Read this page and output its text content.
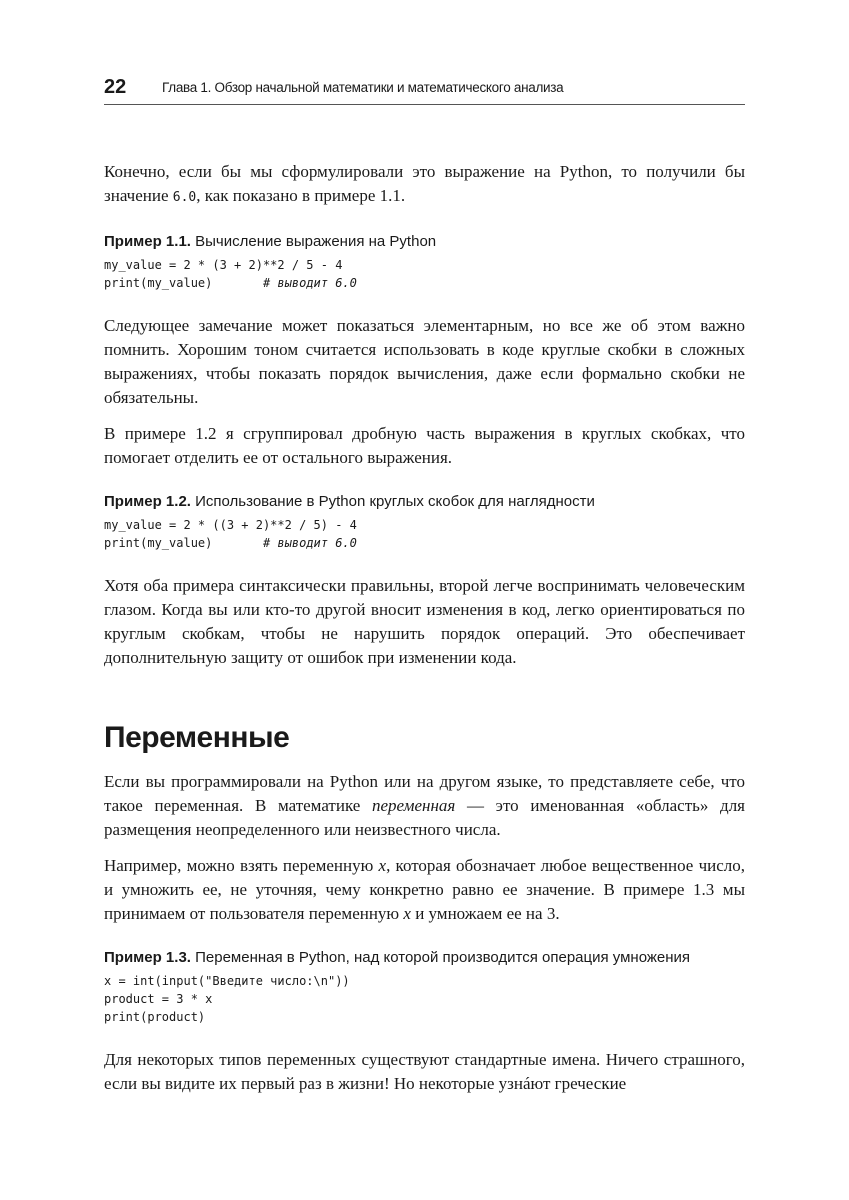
22	Глава 1. Обзор начальной математики и математического анализа

Конечно, если бы мы сформулировали это выражение на Python, то получили бы значение 6.0, как показано в примере 1.1.

Пример 1.1. Вычисление выражения на Python
my_value = 2 * (3 + 2)**2 / 5 - 4
print(my_value)       # выводит 6.0

Следующее замечание может показаться элементарным, но все же об этом важно помнить. Хорошим тоном считается использовать в коде круглые скобки в сложных выражениях, чтобы показать порядок вычисления, даже если формально скобки не обязательны.

В примере 1.2 я сгруппировал дробную часть выражения в круглых скобках, что помогает отделить ее от остального выражения.

Пример 1.2. Использование в Python круглых скобок для наглядности
my_value = 2 * ((3 + 2)**2 / 5) - 4
print(my_value)       # выводит 6.0

Хотя оба примера синтаксически правильны, второй легче воспринимать человеческим глазом. Когда вы или кто-то другой вносит изменения в код, легко ориентироваться по круглым скобкам, чтобы не нарушить порядок операций. Это обеспечивает дополнительную защиту от ошибок при изменении кода.

Переменные

Если вы программировали на Python или на другом языке, то представляете себе, что такое переменная. В математике переменная — это именованная «область» для размещения неопределенного или неизвестного числа.

Например, можно взять переменную x, которая обозначает любое вещественное число, и умножить ее, не уточняя, чему конкретно равно ее значение. В примере 1.3 мы принимаем от пользователя переменную x и умножаем ее на 3.

Пример 1.3. Переменная в Python, над которой производится операция умножения
x = int(input("Введите число:\n"))
product = 3 * x
print(product)

Для некоторых типов переменных существуют стандартные имена. Ничего страшного, если вы видите их первый раз в жизни! Но некоторые узнáют греческие
